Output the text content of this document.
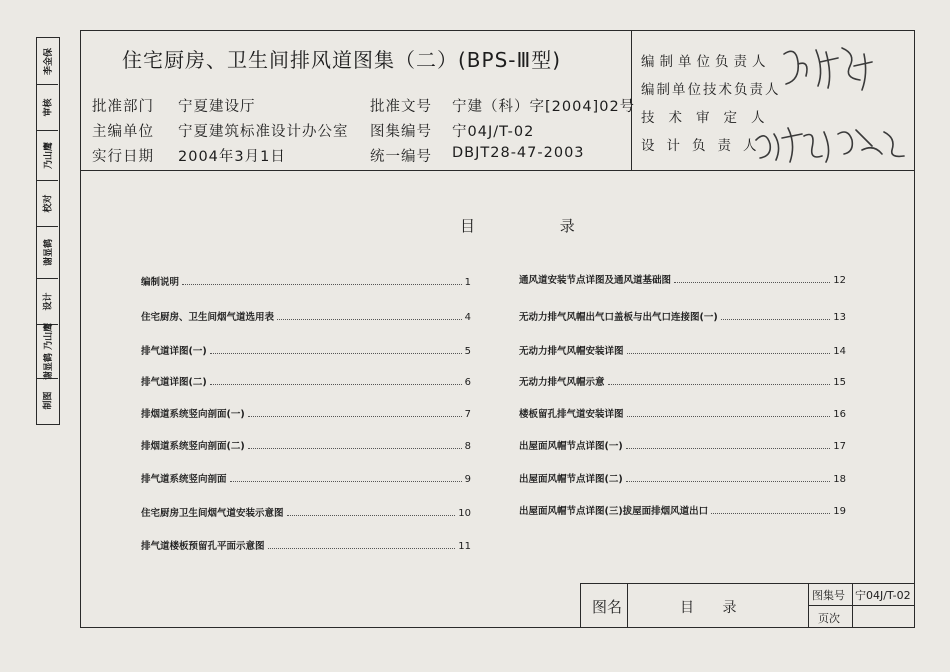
李金保
审核
乃山鹰
校对
谢显鹤
设计
谢显鹤 乃山鹰
制图
住宅厨房、卫生间排风道图集（二）(BPS-Ⅲ型)
批准部门 宁夏建设厅	批准文号 宁建（科）字[2004]02号
主编单位 宁夏建筑标准设计办公室 图集编号 宁04J/T-02
实行日期 2004年3月1日	统一编号 DBJT28-47-2003
编制单位负责人
编制单位技术负责人
技术审定人
设计负责人
目 录
编制说明	1
住宅厨房、卫生间烟气道选用表	4
排气道详图(一)	5
排气道详图(二)	6
排烟道系统竖向剖面(一)	7
排烟道系统竖向剖面(二)	8
排气道系统竖向剖面	9
住宅厨房卫生间烟气道安装示意图	10
排气道楼板预留孔平面示意图	11
通风道安装节点详图及通风道基础图	12
无动力排气风帽出气口盖板与出气口连接图(一)	13
无动力排气风帽安装详图	14
无动力排气风帽示意	15
楼板留孔排气道安装详图	16
出屋面风帽节点详图(一)	17
出屋面风帽节点详图(二)	18
出屋面风帽节点详图(三)拔屋面排烟风道出口	19
图名	目 录
图集号 宁04J/T-02
页次
